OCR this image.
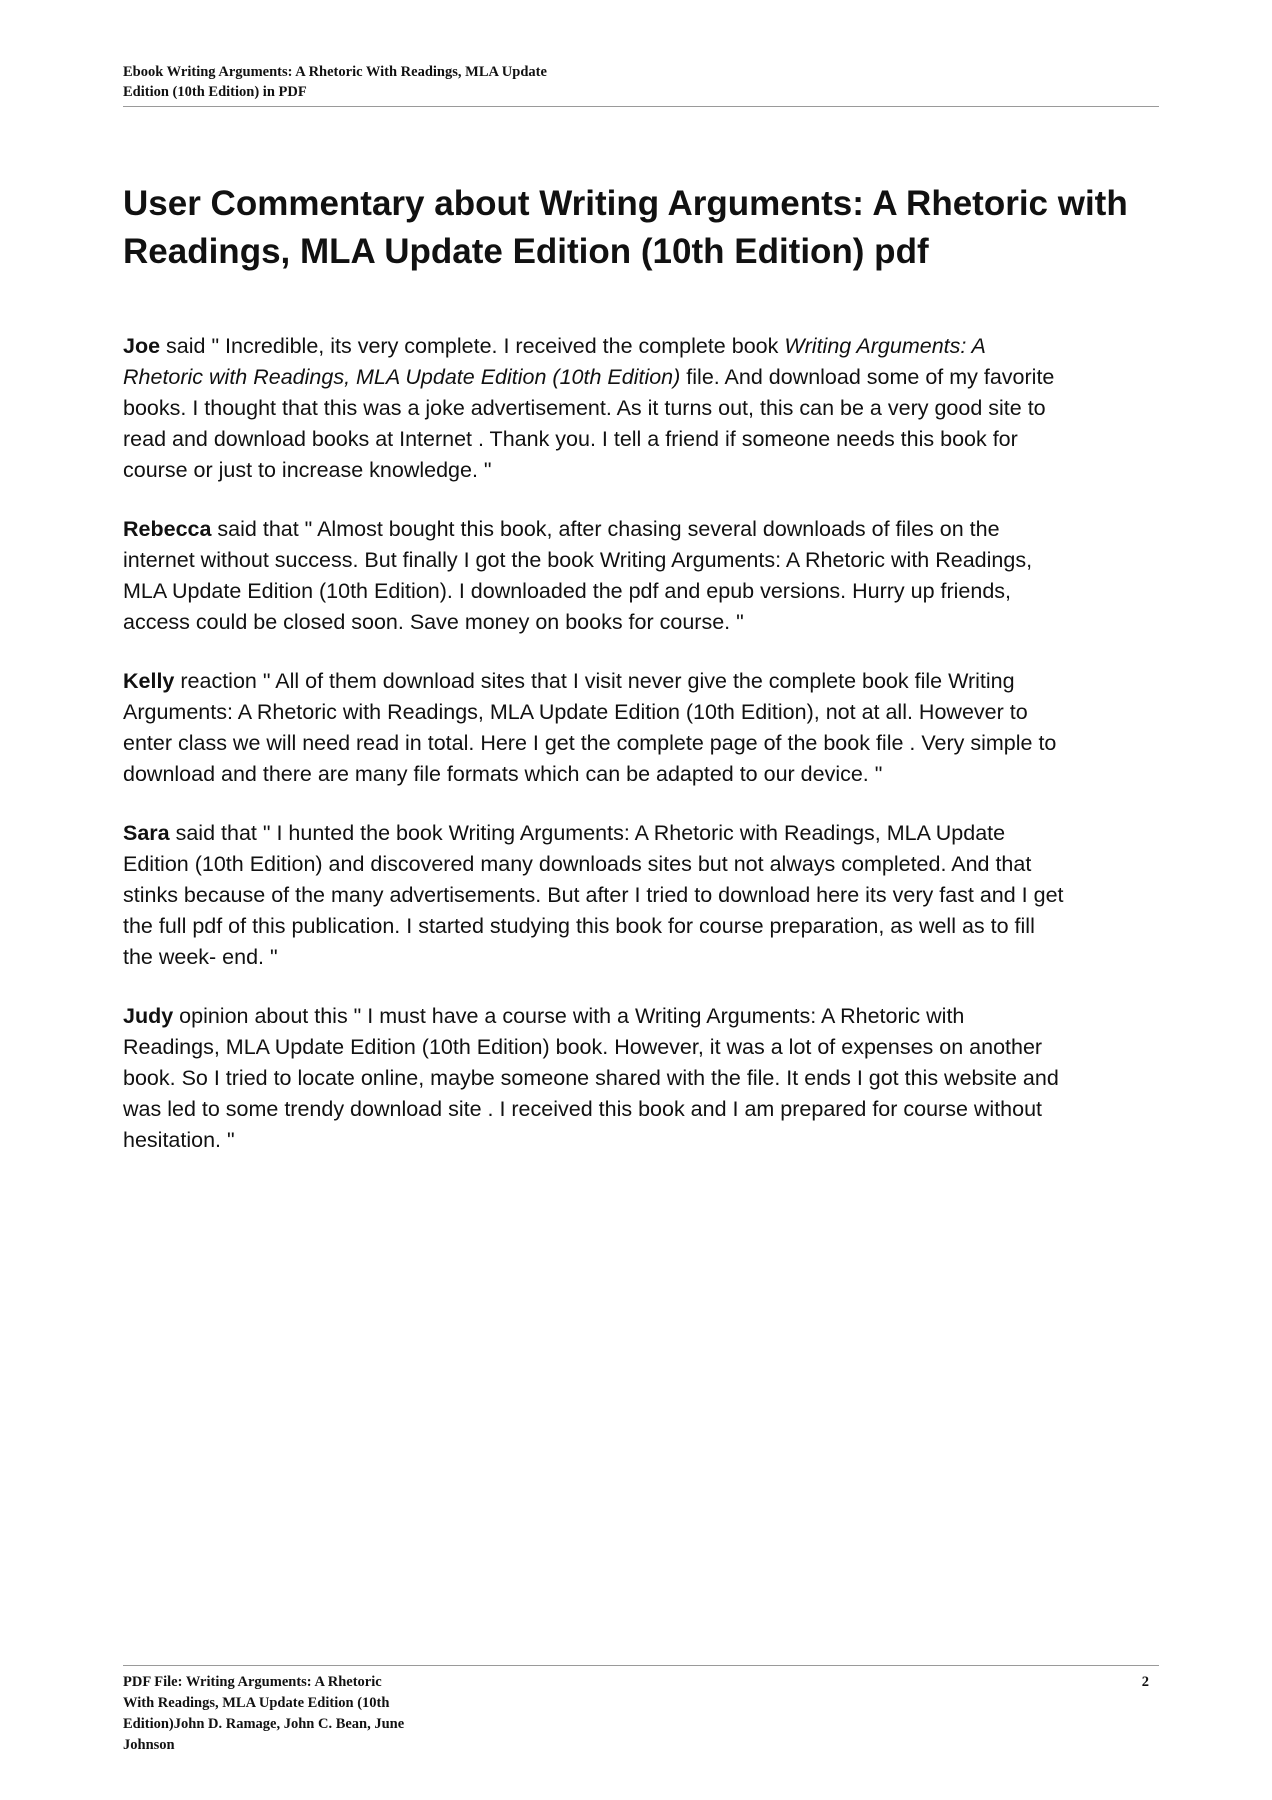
Ebook Writing Arguments: A Rhetoric With Readings, MLA Update
Edition (10th Edition) in PDF
User Commentary about Writing Arguments: A Rhetoric with
Readings, MLA Update Edition (10th Edition) pdf

Joe said " Incredible, its very complete. I received the complete book Writing Arguments: A
Rhetoric with Readings, MLA Update Edition (10th Edition) file. And download some of my favorite
books. I thought that this was a joke advertisement. As it turns out, this can be a very good site to
read and download books at Internet . Thank you. I tell a friend if someone needs this book for
course or just to increase knowledge. "

Rebecca said that " Almost bought this book, after chasing several downloads of files on the
internet without success. But finally I got the book Writing Arguments: A Rhetoric with Readings,
MLA Update Edition (10th Edition). I downloaded the pdf and epub versions. Hurry up friends,
access could be closed soon. Save money on books for course. "

Kelly reaction " All of them download sites that I visit never give the complete book file Writing
Arguments: A Rhetoric with Readings, MLA Update Edition (10th Edition), not at all. However to
enter class we will need read in total. Here I get the complete page of the book file . Very simple to
download and there are many file formats which can be adapted to our device. "

Sara said that " I hunted the book Writing Arguments: A Rhetoric with Readings, MLA Update
Edition (10th Edition) and discovered many downloads sites but not always completed. And that
stinks because of the many advertisements. But after I tried to download here its very fast and I get
the full pdf of this publication. I started studying this book for course preparation, as well as to fill
the week- end. "

Judy opinion about this " I must have a course with a Writing Arguments: A Rhetoric with
Readings, MLA Update Edition (10th Edition) book. However, it was a lot of expenses on another
book. So I tried to locate online, maybe someone shared with the file. It ends I got this website and
was led to some trendy download site . I received this book and I am prepared for course without
hesitation. "

PDF File: Writing Arguments: A Rhetoric
With Readings, MLA Update Edition (10th
Edition)John D. Ramage, John C. Bean, June
Johnson
2
